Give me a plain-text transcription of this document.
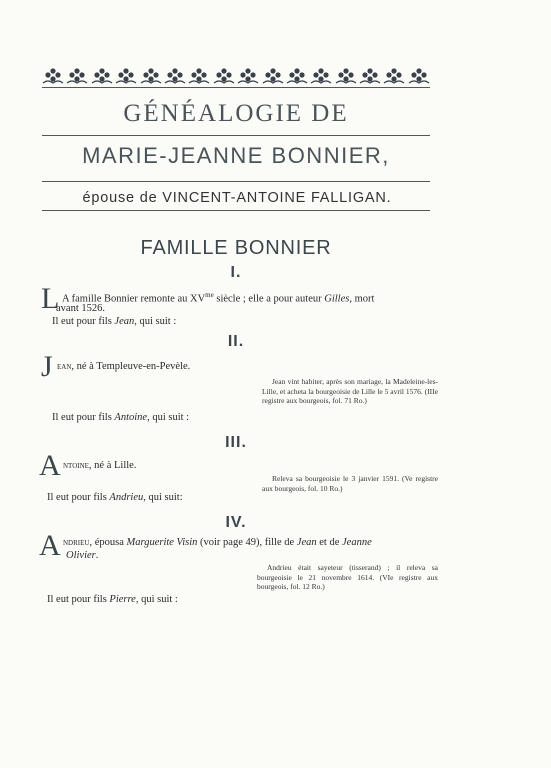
GÉNÉALOGIE DE
MARIE-JEANNE BONNIER,
épouse de VINCENT-ANTOINE FALLIGAN.
FAMILLE BONNIER
I.
L A famille Bonnier remonte au $XV^{me}$ siècle ; elle a pour auteur Gilles, mort
avant 1526.
Il eut pour fils Jean, qui suit :
II.
J ean, né à Templeuve-en-Pevèle.
Jean vint habiter, après son mariage, la Madeleine-les-Lille, et acheta la bourgeoisie de Lille le 5 avril 1576. (IIIe registre aux bourgeois, fol. 71 Ro.)
Il eut pour fils Antoine, qui suit :
III.
A ntoine, né à Lille.
Releva sa bourgeoisie le 3 janvier 1591. (Ve registre aux bourgeois, fol. 10 Ro.)
Il eut pour fils Andrieu, qui suit:
IV.
A ndrieu, épousa Marguerite Visin (voir page 49), fille de Jean et de Jeanne
Olivier.
Andrieu était sayeteur (tisserand) ; il releva sa bourgeoisie le 21 novembre 1614. (VIe registre aux bourgeois, fol. 12 Ro.)
Il eut pour fils Pierre, qui suit :
